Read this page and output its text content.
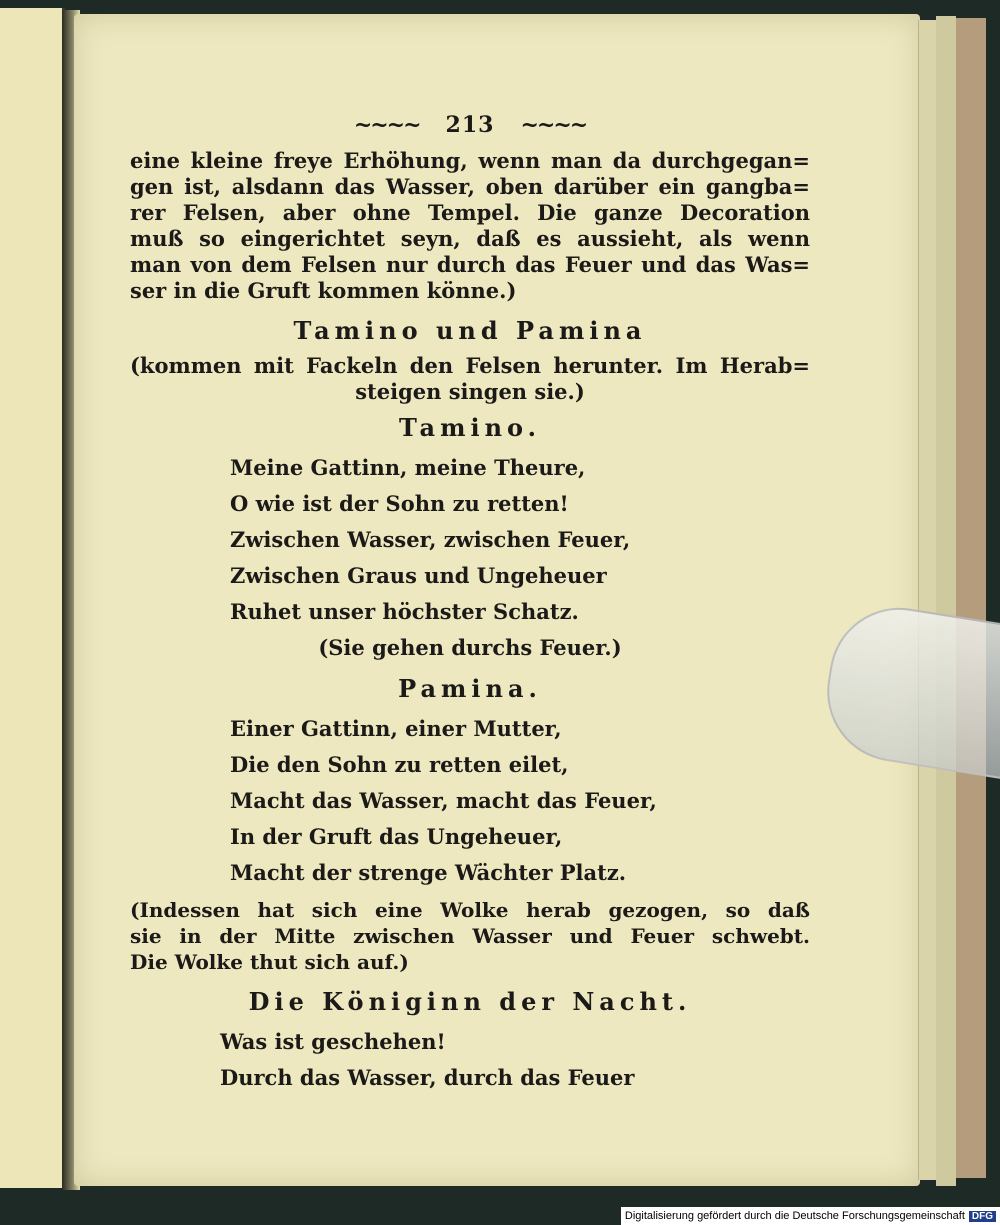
~~~~ 213 ~~~~
eine kleine freye Erhöhung, wenn man da durchgegan=
gen ist, alsdann das Wasser, oben darüber ein gangba=
rer Felsen, aber ohne Tempel. Die ganze Decoration
muß so eingerichtet seyn, daß es aussieht, als wenn
man von dem Felsen nur durch das Feuer und das Was=
ser in die Gruft kommen könne.)
Tamino und Pamina
(kommen mit Fackeln den Felsen herunter. Im Herab=
steigen singen sie.)
Tamino.
Meine Gattinn, meine Theure,
O wie ist der Sohn zu retten!
Zwischen Wasser, zwischen Feuer,
Zwischen Graus und Ungeheuer
Ruhet unser höchster Schatz.
(Sie gehen durchs Feuer.)
Pamina.
Einer Gattinn, einer Mutter,
Die den Sohn zu retten eilet,
Macht das Wasser, macht das Feuer,
In der Gruft das Ungeheuer,
Macht der strenge Wächter Platz.
(Indessen hat sich eine Wolke herab gezogen, so daß
sie in der Mitte zwischen Wasser und Feuer schwebt.
Die Wolke thut sich auf.)
Die Königinn der Nacht.
Was ist geschehen!
Durch das Wasser, durch das Feuer
Digitalisierung gefördert durch die Deutsche Forschungsgemeinschaft DFG
